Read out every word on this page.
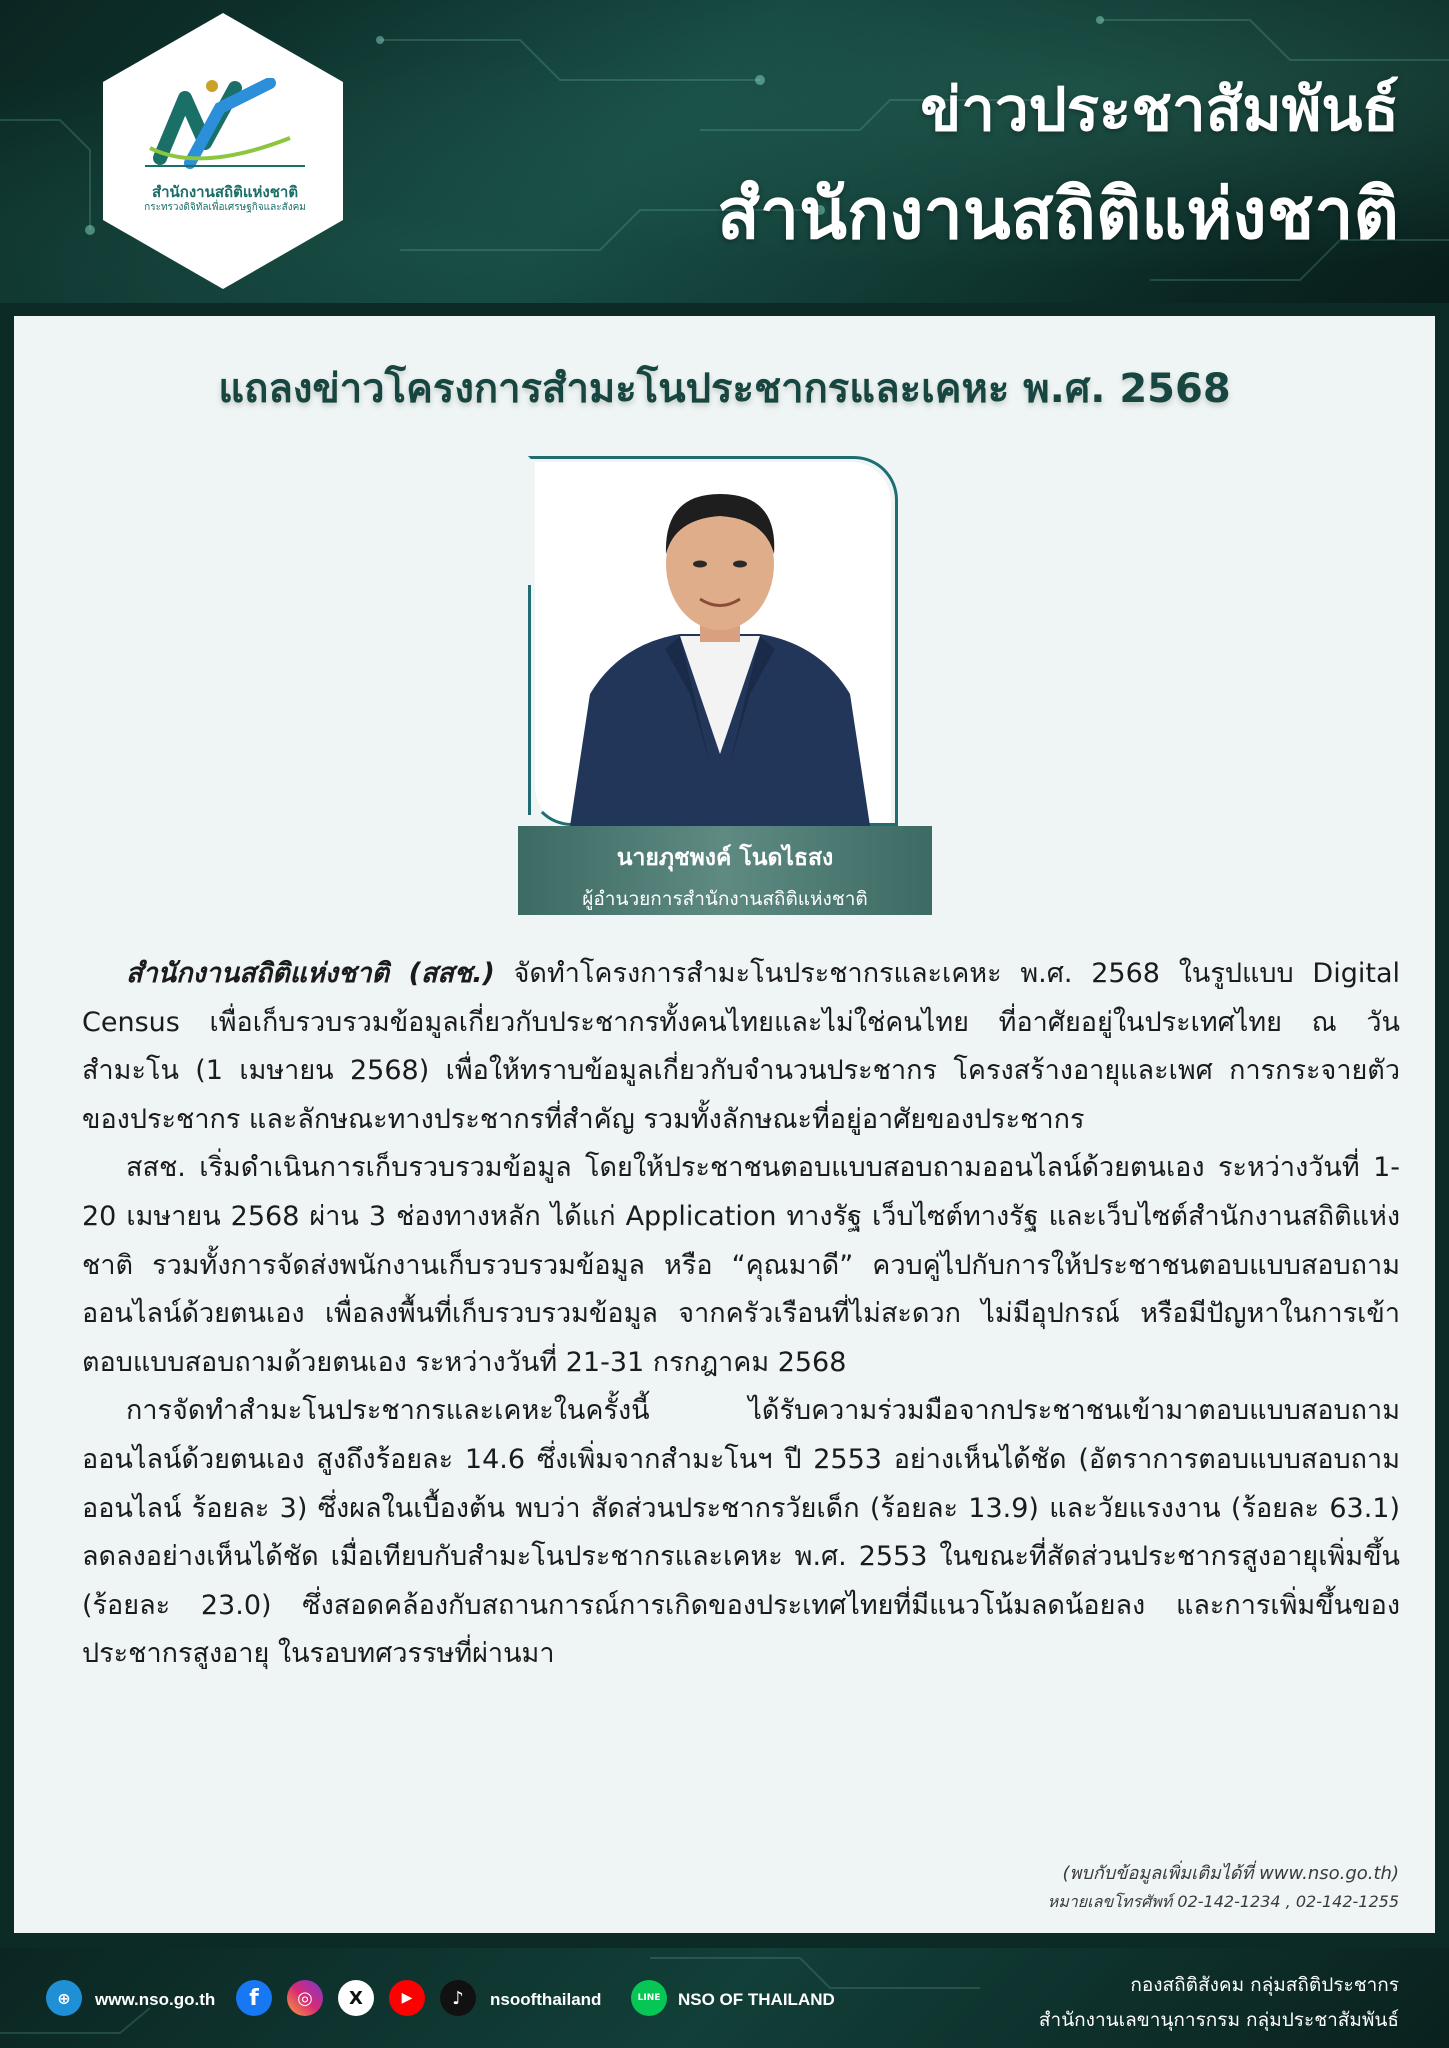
สำนักงานสถิติแห่งชาติ
กระทรวงดิจิทัลเพื่อเศรษฐกิจและสังคม
ข่าวประชาสัมพันธ์
สำนักงานสถิติแห่งชาติ
แถลงข่าวโครงการสำมะโนประชากรและเคหะ พ.ศ. 2568
นายภุชพงค์ โนดไธสง
ผู้อำนวยการสำนักงานสถิติแห่งชาติ

สำนักงานสถิติแห่งชาติ (สสช.) จัดทำโครงการสำมะโนประชากรและเคหะ พ.ศ. 2568 ในรูปแบบ Digital Census เพื่อเก็บรวบรวมข้อมูลเกี่ยวกับประชากรทั้งคนไทยและไม่ใช่คนไทย ที่อาศัยอยู่ในประเทศไทย ณ วันสำมะโน (1 เมษายน 2568) เพื่อให้ทราบข้อมูลเกี่ยวกับจำนวนประชากร โครงสร้างอายุและเพศ การกระจายตัวของประชากร และลักษณะทางประชากรที่สำคัญ รวมทั้งลักษณะที่อยู่อาศัยของประชากร

สสช. เริ่มดำเนินการเก็บรวบรวมข้อมูล โดยให้ประชาชนตอบแบบสอบถามออนไลน์ด้วยตนเอง ระหว่างวันที่ 1-20 เมษายน 2568 ผ่าน 3 ช่องทางหลัก ได้แก่ Application ทางรัฐ เว็บไซต์ทางรัฐ และเว็บไซต์สำนักงานสถิติแห่งชาติ รวมทั้งการจัดส่งพนักงานเก็บรวบรวมข้อมูล หรือ “คุณมาดี” ควบคู่ไปกับการให้ประชาชนตอบแบบสอบถามออนไลน์ด้วยตนเอง เพื่อลงพื้นที่เก็บรวบรวมข้อมูล จากครัวเรือนที่ไม่สะดวก ไม่มีอุปกรณ์ หรือมีปัญหาในการเข้าตอบแบบสอบถามด้วยตนเอง ระหว่างวันที่ 21-31 กรกฎาคม 2568

การจัดทำสำมะโนประชากรและเคหะในครั้งนี้ ได้รับความร่วมมือจากประชาชนเข้ามาตอบแบบสอบถามออนไลน์ด้วยตนเอง สูงถึงร้อยละ 14.6 ซึ่งเพิ่มจากสำมะโนฯ ปี 2553 อย่างเห็นได้ชัด (อัตราการตอบแบบสอบถามออนไลน์ ร้อยละ 3) ซึ่งผลในเบื้องต้น พบว่า สัดส่วนประชากรวัยเด็ก (ร้อยละ 13.9) และวัยแรงงาน (ร้อยละ 63.1) ลดลงอย่างเห็นได้ชัด เมื่อเทียบกับสำมะโนประชากรและเคหะ พ.ศ. 2553 ในขณะที่สัดส่วนประชากรสูงอายุเพิ่มขึ้น (ร้อยละ 23.0) ซึ่งสอดคล้องกับสถานการณ์การเกิดของประเทศไทยที่มีแนวโน้มลดน้อยลง และการเพิ่มขึ้นของประชากรสูงอายุ ในรอบทศวรรษที่ผ่านมา

(พบกับข้อมูลเพิ่มเติมได้ที่ www.nso.go.th)
หมายเลขโทรศัพท์ 02-142-1234 , 02-142-1255
⊕	www.nso.go.th	f	◎	X	▶	♪	nsoofthailand	LINE	NSO OF THAILAND
กองสถิติสังคม กลุ่มสถิติประชากร
สำนักงานเลขานุการกรม กลุ่มประชาสัมพันธ์
